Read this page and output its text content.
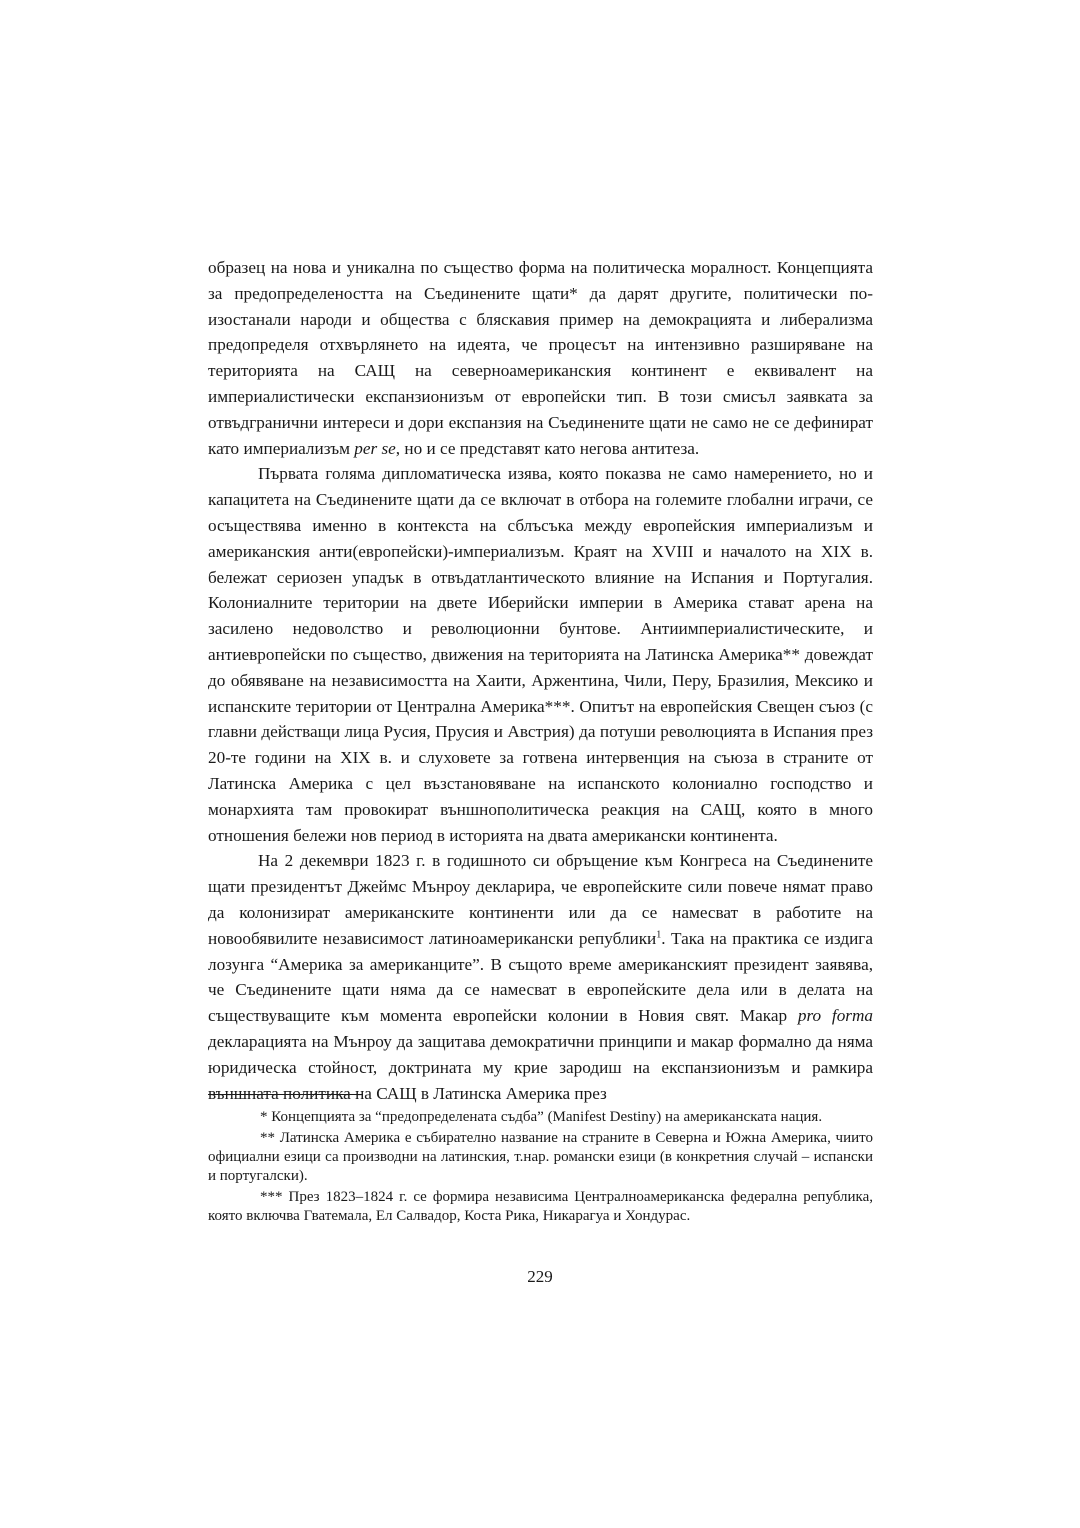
образец на нова и уникална по същество форма на политическа моралност. Концепцията за предопределеността на Съединените щати* да дарят другите, политически по-изостанали народи и общества с бляскавия пример на демокрацията и либерализма предопределя отхвърлянето на идеята, че процесът на интензивно разширяване на територията на САЩ на северноамериканския континент е еквивалент на империалистически експанзионизъм от европейски тип. В този смисъл заявката за отвъдгранични интереси и дори експанзия на Съединените щати не само не се дефинират като империализъм per se, но и се представят като негова антитеза.

Първата голяма дипломатическа изява, която показва не само намерението, но и капацитета на Съединените щати да се включат в отбора на големите глобални играчи, се осъществява именно в контекста на сблъсъка между европейския империализъм и американския анти(европейски)-империализъм. Краят на XVIII и началото на XIX в. бележат сериозен упадък в отвъдатлантическото влияние на Испания и Португалия. Колониалните територии на двете Иберийски империи в Америка стават арена на засилено недоволство и революционни бунтове. Антиимпериалистическите, и антиевропейски по същество, движения на територията на Латинска Америка** довеждат до обявяване на независимостта на Хаити, Аржентина, Чили, Перу, Бразилия, Мексико и испанските територии от Централна Америка***. Опитът на европейския Свещен съюз (с главни действащи лица Русия, Прусия и Австрия) да потуши революцията в Испания през 20-те години на XIX в. и слуховете за готвена интервенция на съюза в страните от Латинска Америка с цел възстановяване на испанското колониално господство и монархията там провокират външнополитическа реакция на САЩ, която в много отношения бележи нов период в историята на двата американски континента.

На 2 декември 1823 г. в годишното си обръщение към Конгреса на Съединените щати президентът Джеймс Мънроу декларира, че европейските сили повече нямат право да колонизират американските континенти или да се намесват в работите на новообявилите независимост латиноамерикански републики$^1$. Така на практика се издига лозунга “Америка за американците”. В същото време американският президент заявява, че Съединените щати няма да се намесват в европейските дела или в делата на съществуващите към момента европейски колонии в Новия свят. Макар pro forma декларацията на Мънроу да защитава демократични принципи и макар формално да няма юридическа стойност, доктрината му крие зародиш на експанзионизъм и рамкира външната политика на САЩ в Латинска Америка през

* Концепцията за “предопределената съдба” (Manifest Destiny) на американската нация.

** Латинска Америка е събирателно название на страните в Северна и Южна Америка, чиито официални езици са производни на латинския, т.нар. романски езици (в конкретния случай – испански и португалски).

*** През 1823–1824 г. се формира независима Централноамериканска федерална република, която включва Гватемала, Ел Салвадор, Коста Рика, Никарагуа и Хондурас.

229
